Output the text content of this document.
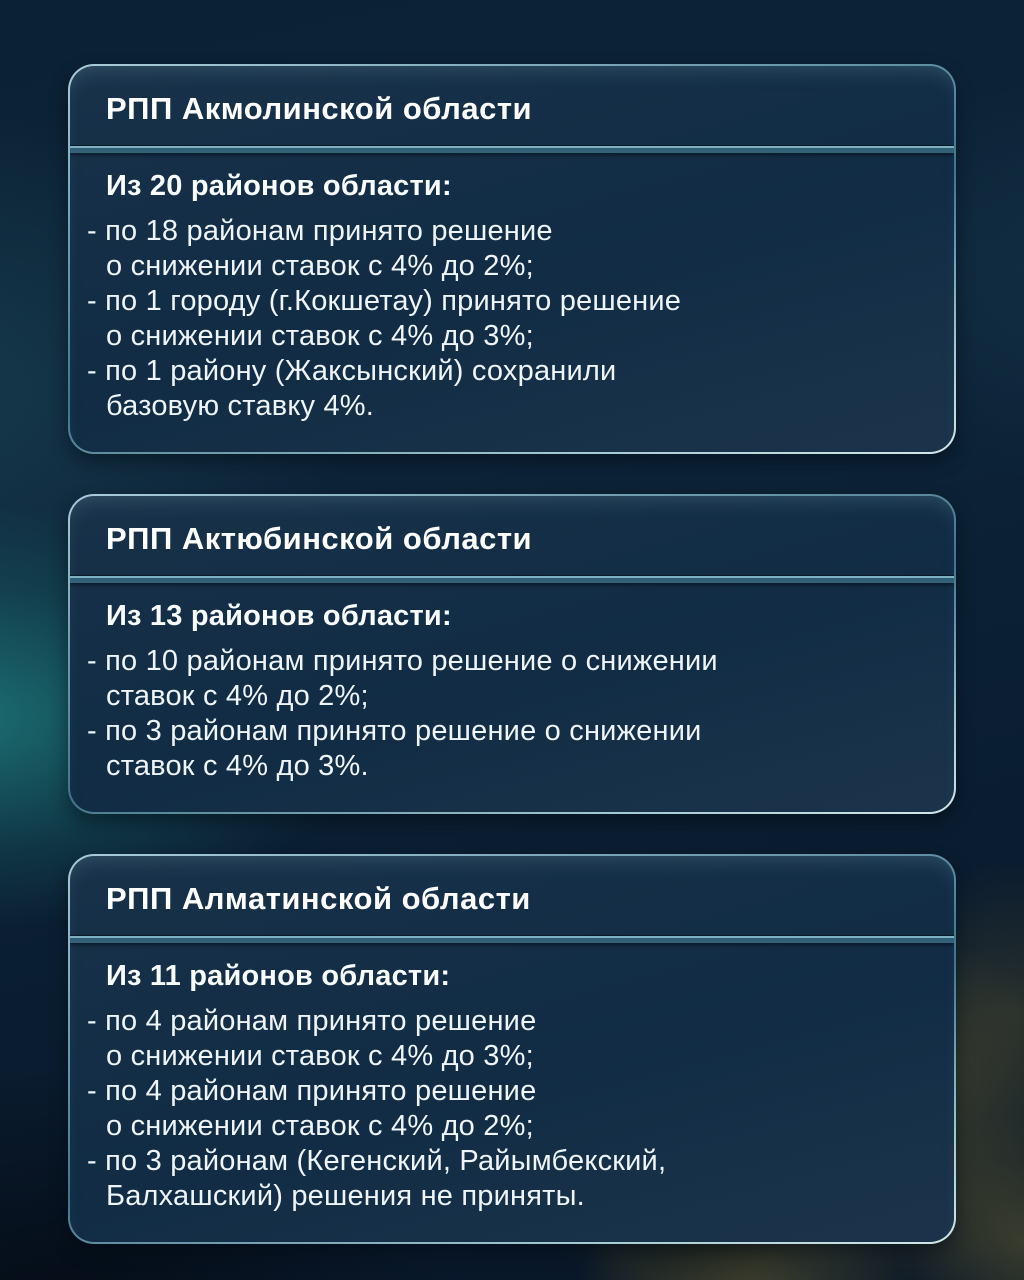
РПП Акмолинской области
Из 20 районов области:
- по 18 районам принято решение
о снижении ставок с 4% до 2%;
- по 1 городу (г.Кокшетау) принято решение
о снижении ставок с 4% до 3%;
- по 1 району (Жаксынский) сохранили
базовую ставку 4%.
РПП Актюбинской области
Из 13 районов области:
- по 10 районам принято решение о снижении
ставок с 4% до 2%;
- по 3 районам принято решение о снижении
ставок с 4% до 3%.
РПП Алматинской области
Из 11 районов области:
- по 4 районам принято решение
о снижении ставок с 4% до 3%;
- по 4 районам принято решение
о снижении ставок с 4% до 2%;
- по 3 районам (Кегенский, Райымбекский,
Балхашский) решения не приняты.
